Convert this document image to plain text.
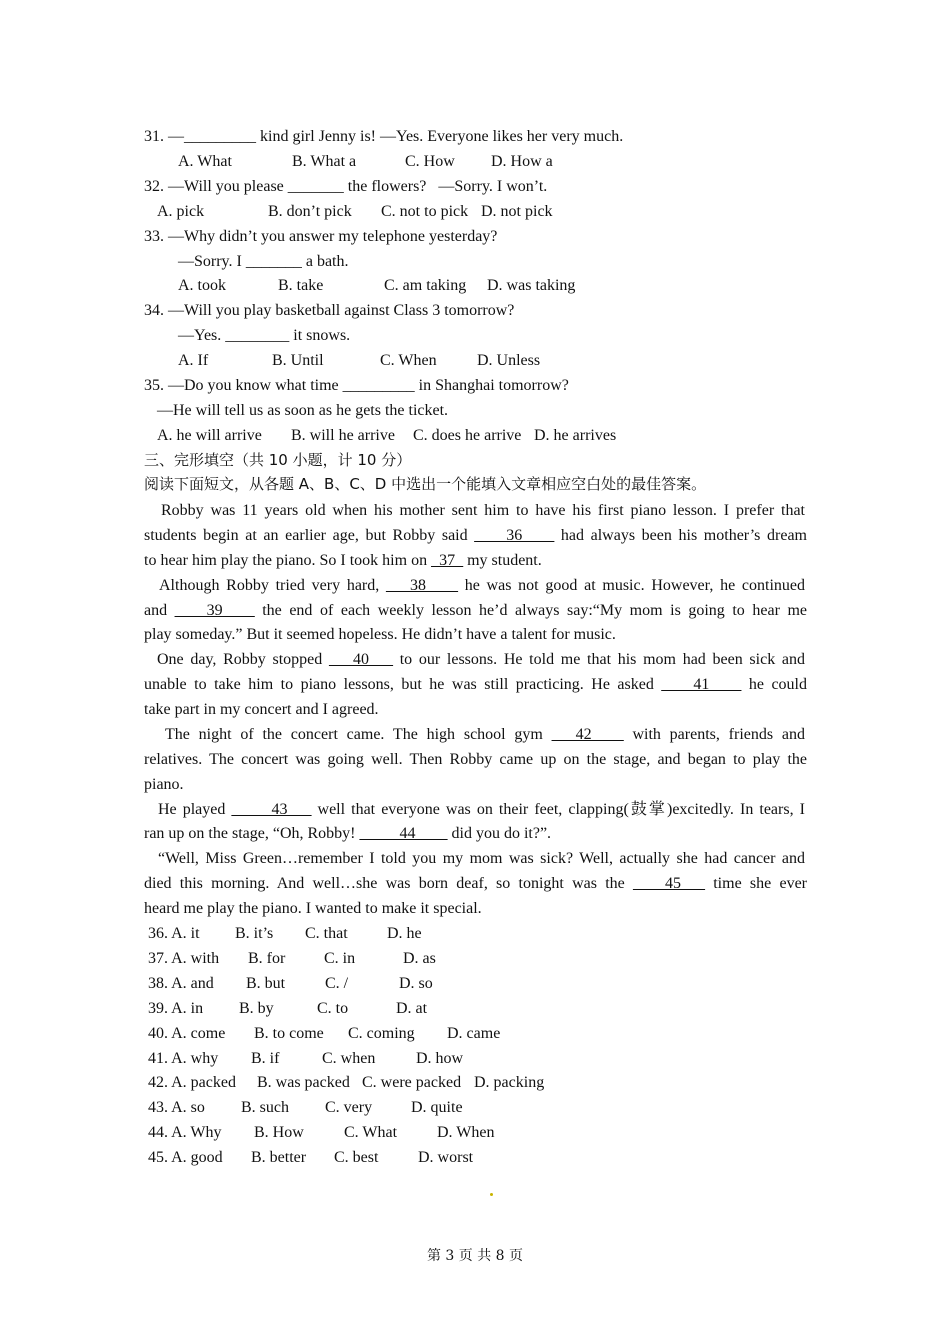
31. —_________ kind girl Jenny is! —Yes. Everyone likes her very much.
A. What	B. What a	C. How D. How a
32. —Will you please _______ the flowers?   —Sorry. I won’t.
A. pick	B. don’t pick C. not to pick D. not pick
33. —Why didn’t you answer my telephone yesterday?
—Sorry. I _______ a bath.
A. took	B. take	C. am taking D. was taking
34. —Will you play basketball against Class 3 tomorrow?
—Yes. ________ it snows.
A. If	B. Until	C. When	D. Unless
35. —Do you know what time _________ in Shanghai tomorrow?
—He will tell us as soon as he gets the ticket.
A. he will arrive B. will he arrive C. does he arrive D. he arrives
三、完形填空（共 10 小题，计 10 分）
阅读下面短文，从各题 A、B、C、D 中选出一个能填入文章相应空白处的最佳答案。
Robby was 11 years old when his mother sent him to have his first piano lesson. I prefer that
students begin at an earlier age, but Robby said ____36____ had always been his mother’s dream
to hear him play the piano. So I took him on _37_ my student.
Although Robby tried very hard, ___38____ he was not good at music. However, he continued
and ____39____ the end of each weekly lesson he’d always say:“My mom is going to hear me
play someday.” But it seemed hopeless. He didn’t have a talent for music.
One day, Robby stopped ___40___ to our lessons. He told me that his mom had been sick and
unable to take him to piano lessons, but he was still practicing. He asked ____41____ he could
take part in my concert and I agreed.
The night of the concert came. The high school gym ___42____ with parents, friends and
relatives. The concert was going well. Then Robby came up on the stage, and began to play the
piano.
He played _____43___ well that everyone was on their feet, clapping(鼓掌)excitedly. In tears, I
ran up on the stage, “Oh, Robby! _____44____ did you do it?”.
“Well, Miss Green…remember I told you my mom was sick? Well, actually she had cancer and
died this morning. And well…she was born deaf, so tonight was the ____45___ time she ever
heard me play the piano. I wanted to make it special.
36. A. it B. it’s C. that D. he
37. A. with B. for C. in	D. as
38. A. and B. but C. /	D. so
39. A. in B. by	C. to	D. at
40. A. come B. to come C. coming D. came
41. A. why B. if	C. when	D. how
42. A. packed B. was packed C. were packed D. packing
43. A. so B. such C. very D. quite
44. A. Why B. How	C. What D. When
45. A. good B. better C. best D. worst
第 3 页 共 8 页
